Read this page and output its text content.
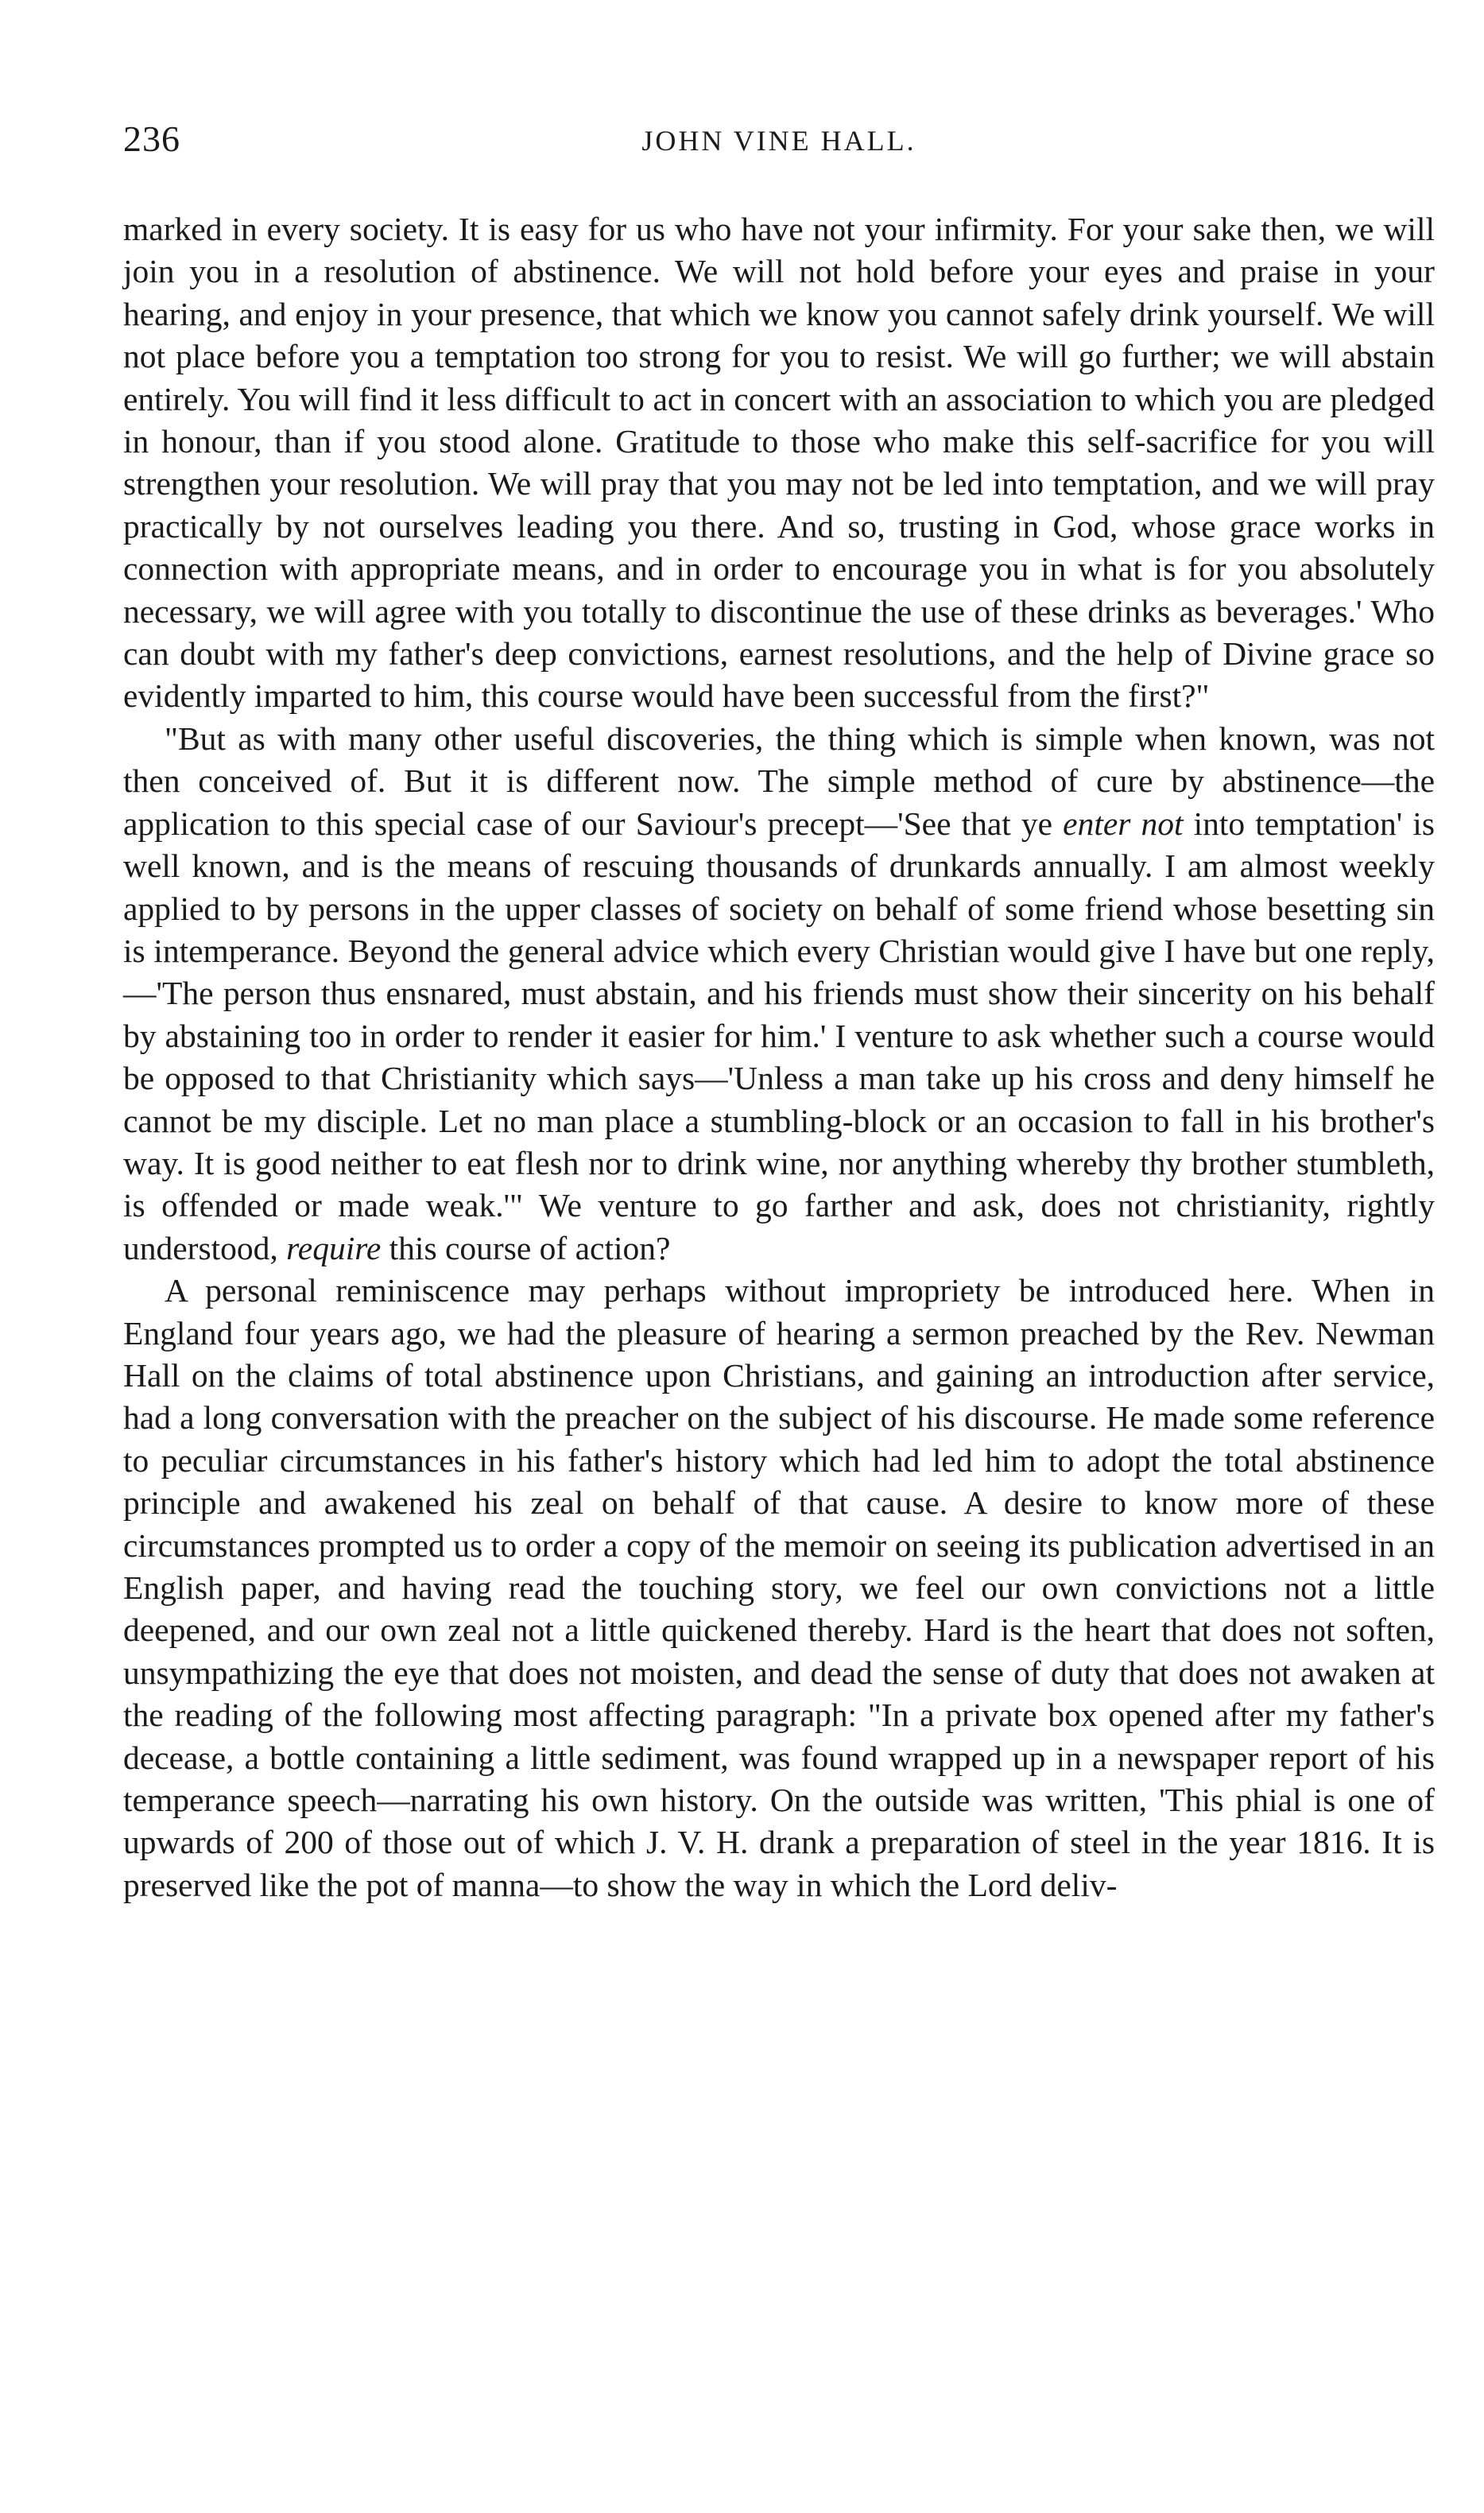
236	JOHN VINE HALL.

marked in every society. It is easy for us who have not your infirmity. For your sake then, we will join you in a resolution of abstinence. We will not hold before your eyes and praise in your hearing, and enjoy in your presence, that which we know you cannot safely drink yourself. We will not place before you a temptation too strong for you to resist. We will go further; we will abstain entirely. You will find it less difficult to act in concert with an association to which you are pledged in honour, than if you stood alone. Gratitude to those who make this self-sacrifice for you will strengthen your resolution. We will pray that you may not be led into temptation, and we will pray practically by not ourselves leading you there. And so, trusting in God, whose grace works in connection with appropriate means, and in order to encourage you in what is for you absolutely necessary, we will agree with you totally to discontinue the use of these drinks as beverages.' Who can doubt with my father's deep convictions, earnest resolutions, and the help of Divine grace so evidently imparted to him, this course would have been successful from the first?"

"But as with many other useful discoveries, the thing which is simple when known, was not then conceived of. But it is different now. The simple method of cure by abstinence—the application to this special case of our Saviour's precept—'See that ye enter not into temptation' is well known, and is the means of rescuing thousands of drunkards annually. I am almost weekly applied to by persons in the upper classes of society on behalf of some friend whose besetting sin is intemperance. Beyond the general advice which every Christian would give I have but one reply,—'The person thus ensnared, must abstain, and his friends must show their sincerity on his behalf by abstaining too in order to render it easier for him.' I venture to ask whether such a course would be opposed to that Christianity which says—'Unless a man take up his cross and deny himself he cannot be my disciple. Let no man place a stumbling-block or an occasion to fall in his brother's way. It is good neither to eat flesh nor to drink wine, nor anything whereby thy brother stumbleth, is offended or made weak.'" We venture to go farther and ask, does not christianity, rightly understood, require this course of action?

A personal reminiscence may perhaps without impropriety be introduced here. When in England four years ago, we had the pleasure of hearing a sermon preached by the Rev. Newman Hall on the claims of total abstinence upon Christians, and gaining an introduction after service, had a long conversation with the preacher on the subject of his discourse. He made some reference to peculiar circumstances in his father's history which had led him to adopt the total abstinence principle and awakened his zeal on behalf of that cause. A desire to know more of these circumstances prompted us to order a copy of the memoir on seeing its publication advertised in an English paper, and having read the touching story, we feel our own convictions not a little deepened, and our own zeal not a little quickened thereby. Hard is the heart that does not soften, unsympathizing the eye that does not moisten, and dead the sense of duty that does not awaken at the reading of the following most affecting paragraph: "In a private box opened after my father's decease, a bottle containing a little sediment, was found wrapped up in a newspaper report of his temperance speech—narrating his own history. On the outside was written, 'This phial is one of upwards of 200 of those out of which J. V. H. drank a preparation of steel in the year 1816. It is preserved like the pot of manna—to show the way in which the Lord deliv-
